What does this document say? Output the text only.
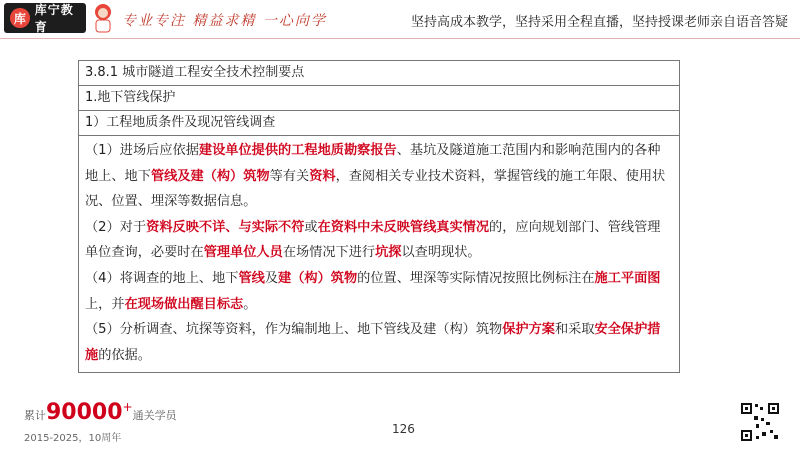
库
库宁教育	专业专注 精益求精 一心向学	坚持高成本教学，坚持采用全程直播，坚持授课老师亲自语音答疑
3.8.1 城市隧道工程安全技术控制要点
1.地下管线保护
1）工程地质条件及现况管线调查

（1）进场后应依据建设单位提供的工程地质勘察报告、基坑及隧道施工范围内和影响范围内的各种地上、地下管线及建（构）筑物等有关资料，查阅相关专业技术资料，掌握管线的施工年限、使用状况、位置、埋深等数据信息。

（2）对于资料反映不详、与实际不符或在资料中未反映管线真实情况的，应向规划部门、管线管理单位查询，必要时在管理单位人员在场情况下进行坑探以查明现状。

（4）将调查的地上、地下管线及建（构）筑物的位置、埋深等实际情况按照比例标注在施工平面图上，并在现场做出醒目标志。

（5）分析调查、坑探等资料，作为编制地上、地下管线及建（构）筑物保护方案和采取安全保护措施的依据。

累计90000+通关学员
2015-2025，10周年
126
